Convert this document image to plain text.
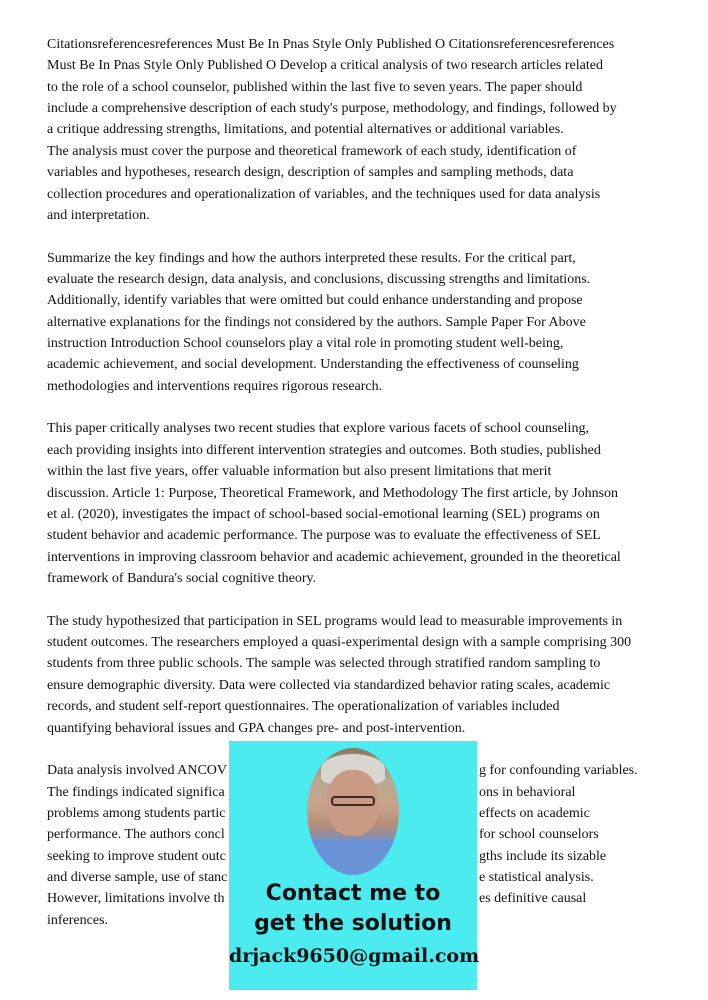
Citationsreferencesreferences Must Be In Pnas Style Only Published O Citationsreferencesreferences
Must Be In Pnas Style Only Published O Develop a critical analysis of two research articles related
to the role of a school counselor, published within the last five to seven years. The paper should
include a comprehensive description of each study's purpose, methodology, and findings, followed by
a critique addressing strengths, limitations, and potential alternatives or additional variables.
The analysis must cover the purpose and theoretical framework of each study, identification of
variables and hypotheses, research design, description of samples and sampling methods, data
collection procedures and operationalization of variables, and the techniques used for data analysis
and interpretation.
Summarize the key findings and how the authors interpreted these results. For the critical part,
evaluate the research design, data analysis, and conclusions, discussing strengths and limitations.
Additionally, identify variables that were omitted but could enhance understanding and propose
alternative explanations for the findings not considered by the authors. Sample Paper For Above
instruction Introduction School counselors play a vital role in promoting student well-being,
academic achievement, and social development. Understanding the effectiveness of counseling
methodologies and interventions requires rigorous research.
This paper critically analyses two recent studies that explore various facets of school counseling,
each providing insights into different intervention strategies and outcomes. Both studies, published
within the last five years, offer valuable information but also present limitations that merit
discussion. Article 1: Purpose, Theoretical Framework, and Methodology The first article, by Johnson
et al. (2020), investigates the impact of school-based social-emotional learning (SEL) programs on
student behavior and academic performance. The purpose was to evaluate the effectiveness of SEL
interventions in improving classroom behavior and academic achievement, grounded in the theoretical
framework of Bandura's social cognitive theory.
The study hypothesized that participation in SEL programs would lead to measurable improvements in
student outcomes. The researchers employed a quasi-experimental design with a sample comprising 300
students from three public schools. The sample was selected through stratified random sampling to
ensure demographic diversity. Data were collected via standardized behavior rating scales, academic
records, and student self-report questionnaires. The operationalization of variables included
quantifying behavioral issues and GPA changes pre- and post-intervention.
Data analysis involved ANCOV	g for confounding variables.
The findings indicated significa	ons in behavioral
problems among students partic	effects on academic
performance. The authors concl	for school counselors
seeking to improve student outc	gths include its sizable
and diverse sample, use of stanc	e statistical analysis.
However, limitations involve th	es definitive causal
inferences.
Contact me to
get the solution
drjack9650@gmail.com
